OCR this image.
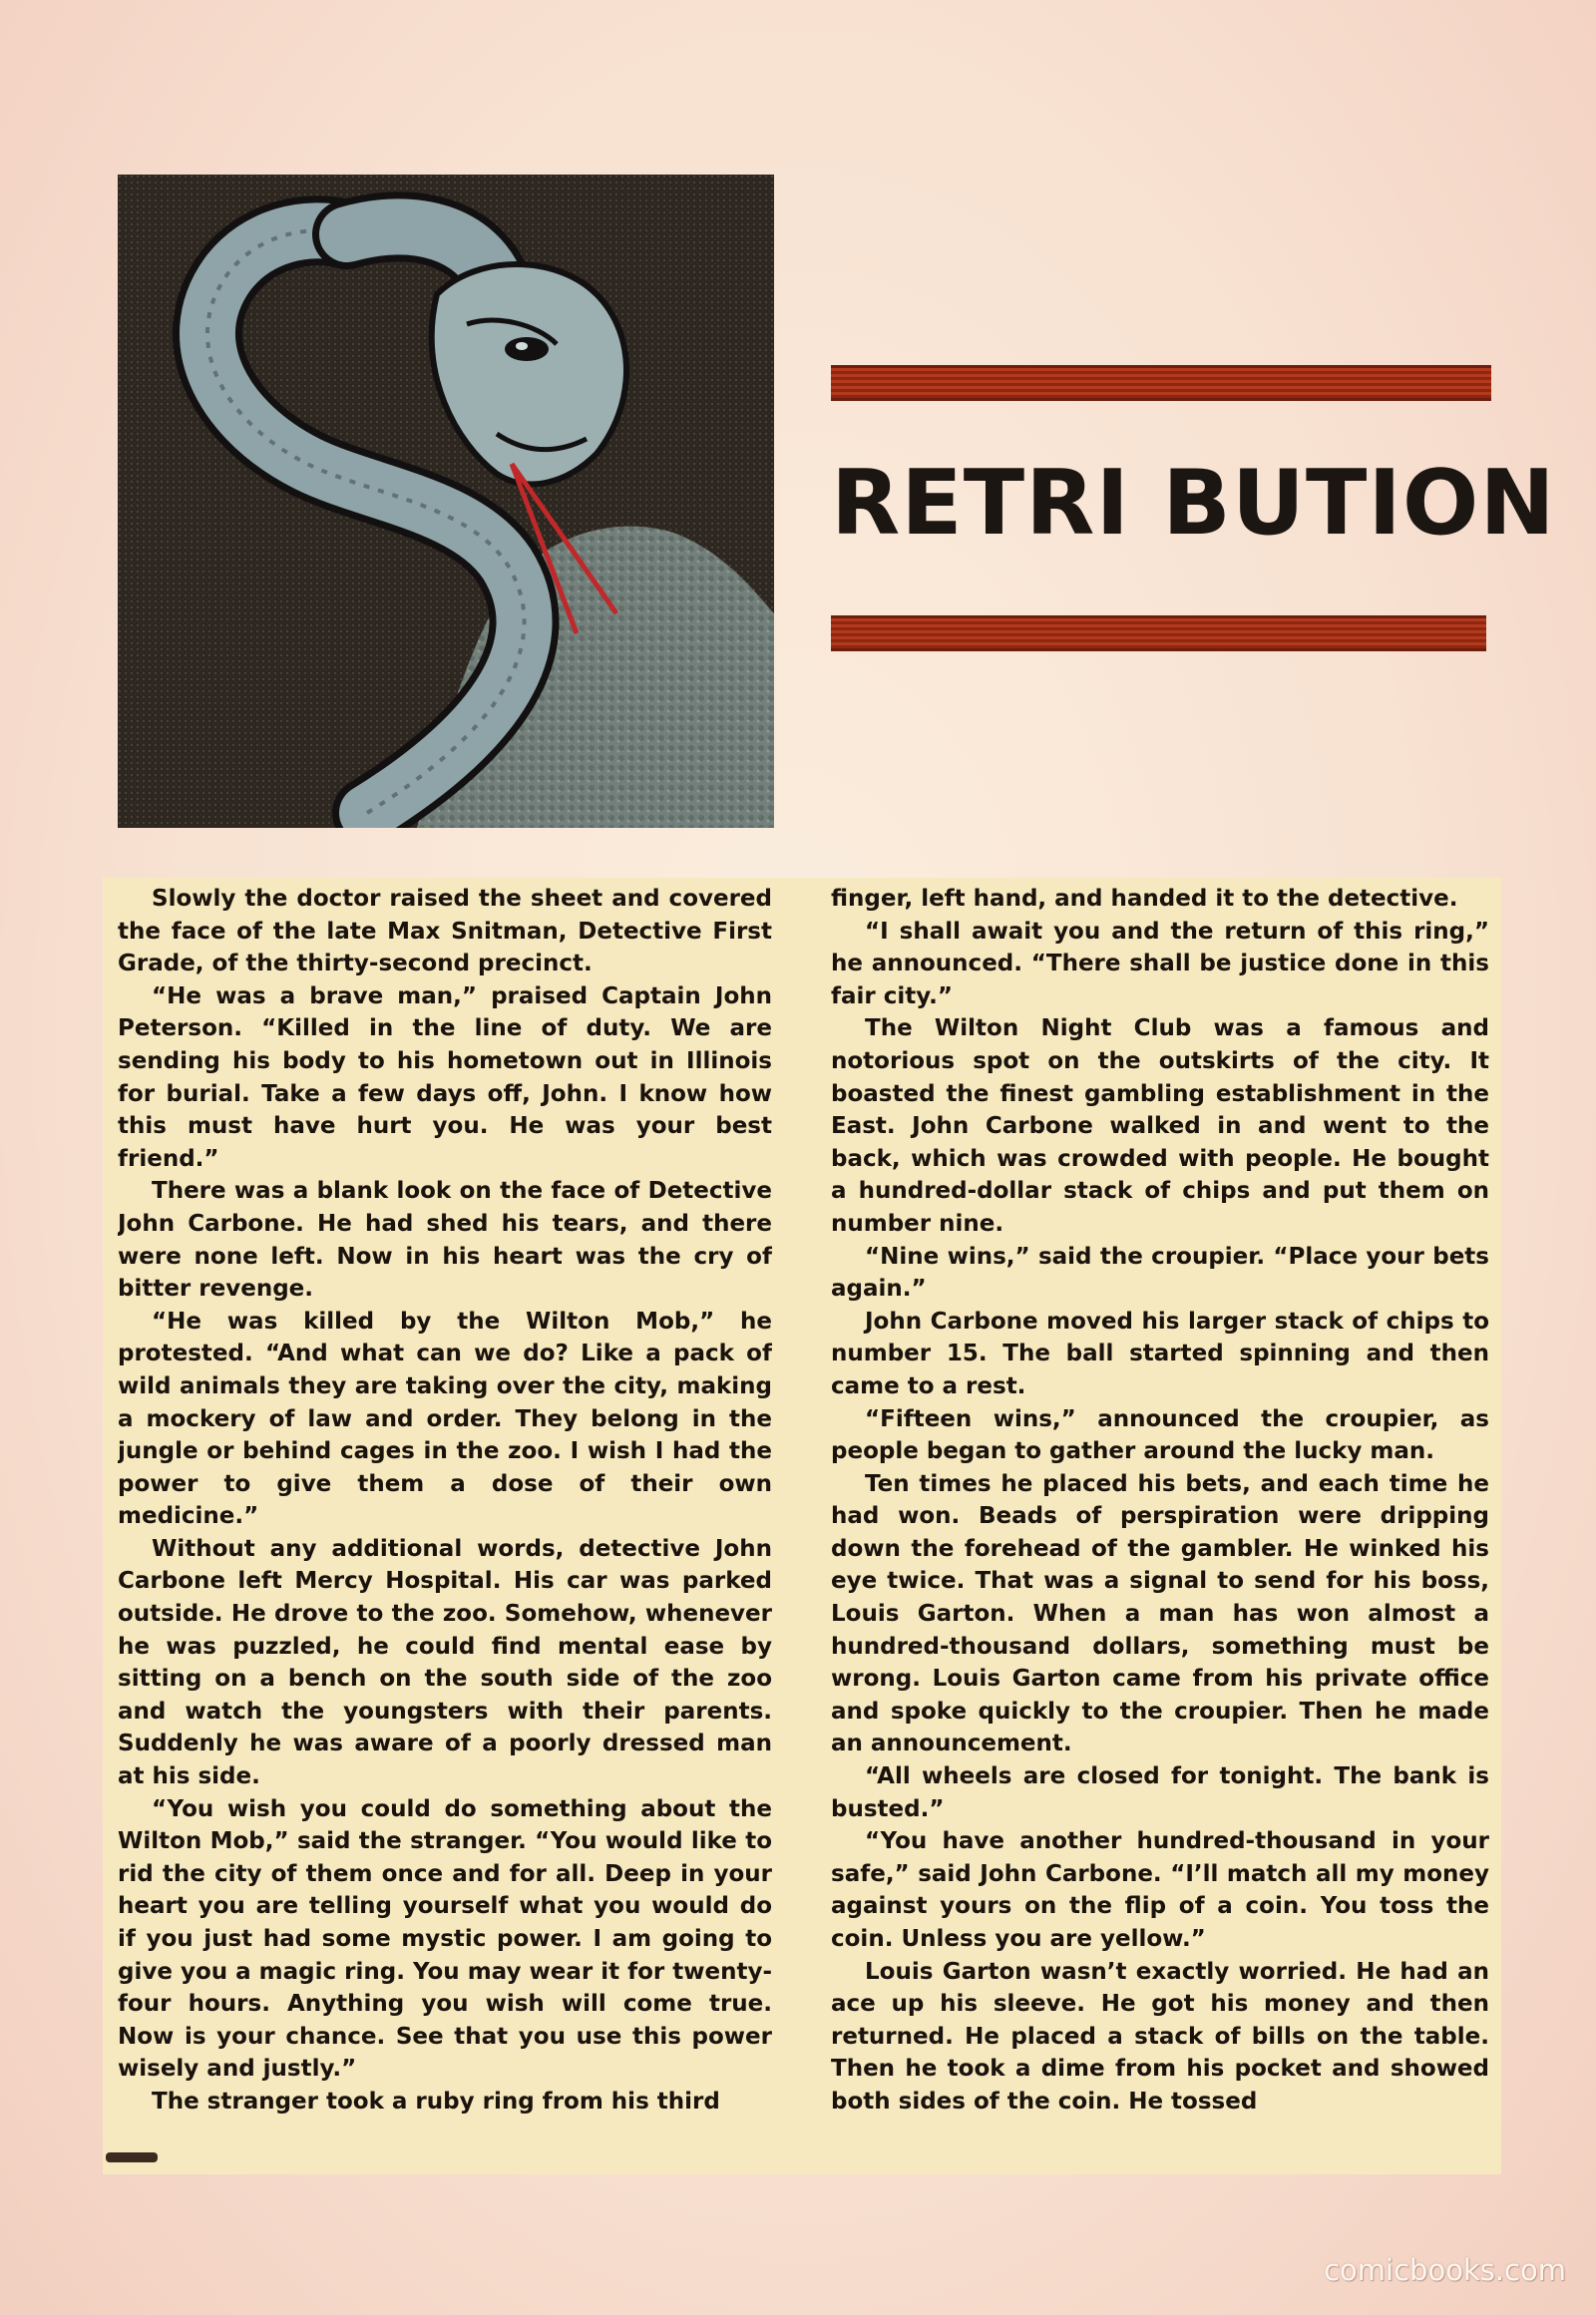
RETRI BUTION

Slowly the doctor raised the sheet and covered the face of the late Max Snitman, Detective First Grade, of the thirty-second precinct.

“He was a brave man,” praised Captain John Peterson. “Killed in the line of duty. We are sending his body to his hometown out in Illinois for burial. Take a few days off, John. I know how this must have hurt you. He was your best friend.”

There was a blank look on the face of Detective John Carbone. He had shed his tears, and there were none left. Now in his heart was the cry of bitter revenge.

“He was killed by the Wilton Mob,” he protested. “And what can we do? Like a pack of wild animals they are taking over the city, making a mockery of law and order. They belong in the jungle or behind cages in the zoo. I wish I had the power to give them a dose of their own medicine.”

Without any additional words, detective John Carbone left Mercy Hospital. His car was parked outside. He drove to the zoo. Somehow, whenever he was puzzled, he could find mental ease by sitting on a bench on the south side of the zoo and watch the youngsters with their parents. Suddenly he was aware of a poorly dressed man at his side.

“You wish you could do something about the Wilton Mob,” said the stranger. “You would like to rid the city of them once and for all. Deep in your heart you are telling yourself what you would do if you just had some mystic power. I am going to give you a magic ring. You may wear it for twenty-four hours. Anything you wish will come true. Now is your chance. See that you use this power wisely and justly.”

The stranger took a ruby ring from his third

finger, left hand, and handed it to the detective.

“I shall await you and the return of this ring,” he announced. “There shall be justice done in this fair city.”

The Wilton Night Club was a famous and notorious spot on the outskirts of the city. It boasted the finest gambling establishment in the East. John Carbone walked in and went to the back, which was crowded with people. He bought a hundred-dollar stack of chips and put them on number nine.

“Nine wins,” said the croupier. “Place your bets again.”

John Carbone moved his larger stack of chips to number 15. The ball started spinning and then came to a rest.

“Fifteen wins,” announced the croupier, as people began to gather around the lucky man.

Ten times he placed his bets, and each time he had won. Beads of perspiration were dripping down the forehead of the gambler. He winked his eye twice. That was a signal to send for his boss, Louis Garton. When a man has won almost a hundred-thousand dollars, something must be wrong. Louis Garton came from his private office and spoke quickly to the croupier. Then he made an announcement.

“All wheels are closed for tonight. The bank is busted.”

“You have another hundred-thousand in your safe,” said John Carbone. “I’ll match all my money against yours on the flip of a coin. You toss the coin. Unless you are yellow.”

Louis Garton wasn’t exactly worried. He had an ace up his sleeve. He got his money and then returned. He placed a stack of bills on the table. Then he took a dime from his pocket and showed both sides of the coin. He tossed

comicbooks.com
